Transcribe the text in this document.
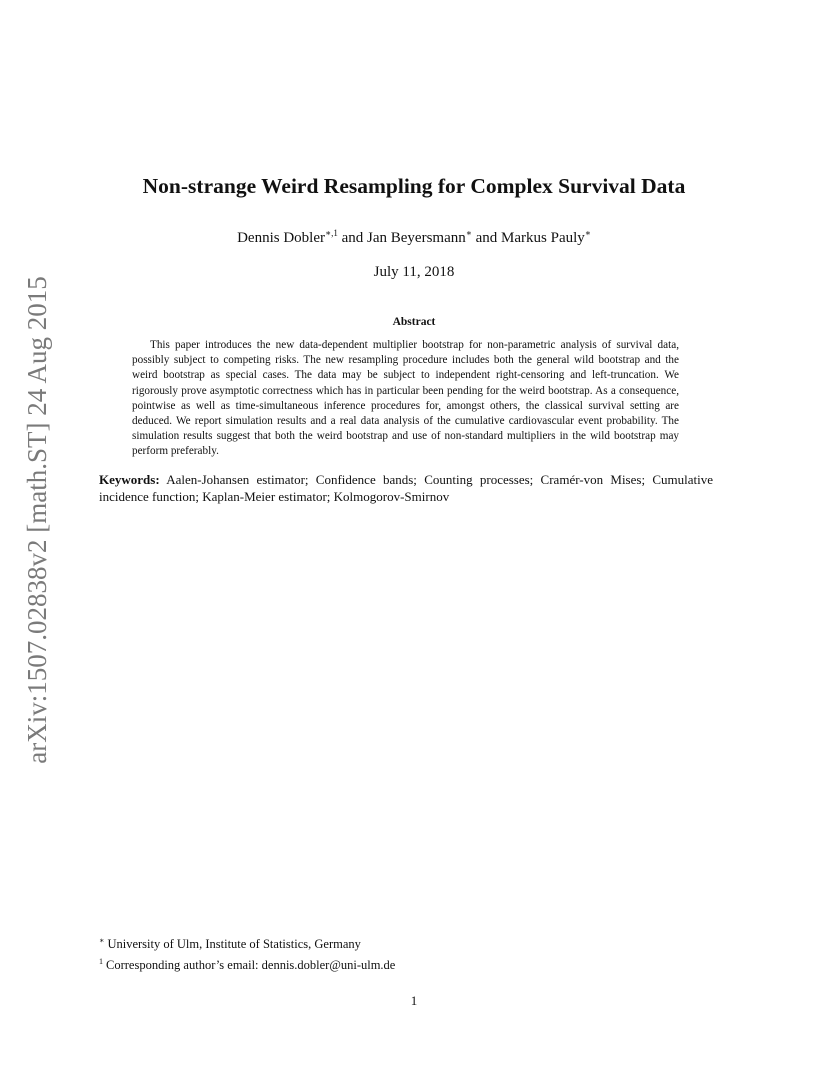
arXiv:1507.02838v2 [math.ST] 24 Aug 2015
Non-strange Weird Resampling for Complex Survival Data
Dennis Dobler$^{∗,1}$ and Jan Beyersmann∗ and Markus Pauly∗
July 11, 2018
Abstract
This paper introduces the new data-dependent multiplier bootstrap for non-parametric analysis of survival data, possibly subject to competing risks. The new resampling procedure includes both the general wild bootstrap and the weird bootstrap as special cases. The data may be subject to independent right-censoring and left-truncation. We rigorously prove asymptotic correctness which has in particular been pending for the weird bootstrap. As a consequence, pointwise as well as time-simultaneous inference procedures for, amongst others, the classical survival setting are deduced. We report simulation results and a real data analysis of the cumulative cardiovascular event probability. The simulation results suggest that both the weird bootstrap and use of non-standard multipliers in the wild bootstrap may perform preferably.
Keywords: Aalen-Johansen estimator; Confidence bands; Counting processes; Cramér-von Mises; Cumulative incidence function; Kaplan-Meier estimator; Kolmogorov-Smirnov
∗ University of Ulm, Institute of Statistics, Germany
$^1$ Corresponding author’s email: dennis.dobler@uni-ulm.de
1
